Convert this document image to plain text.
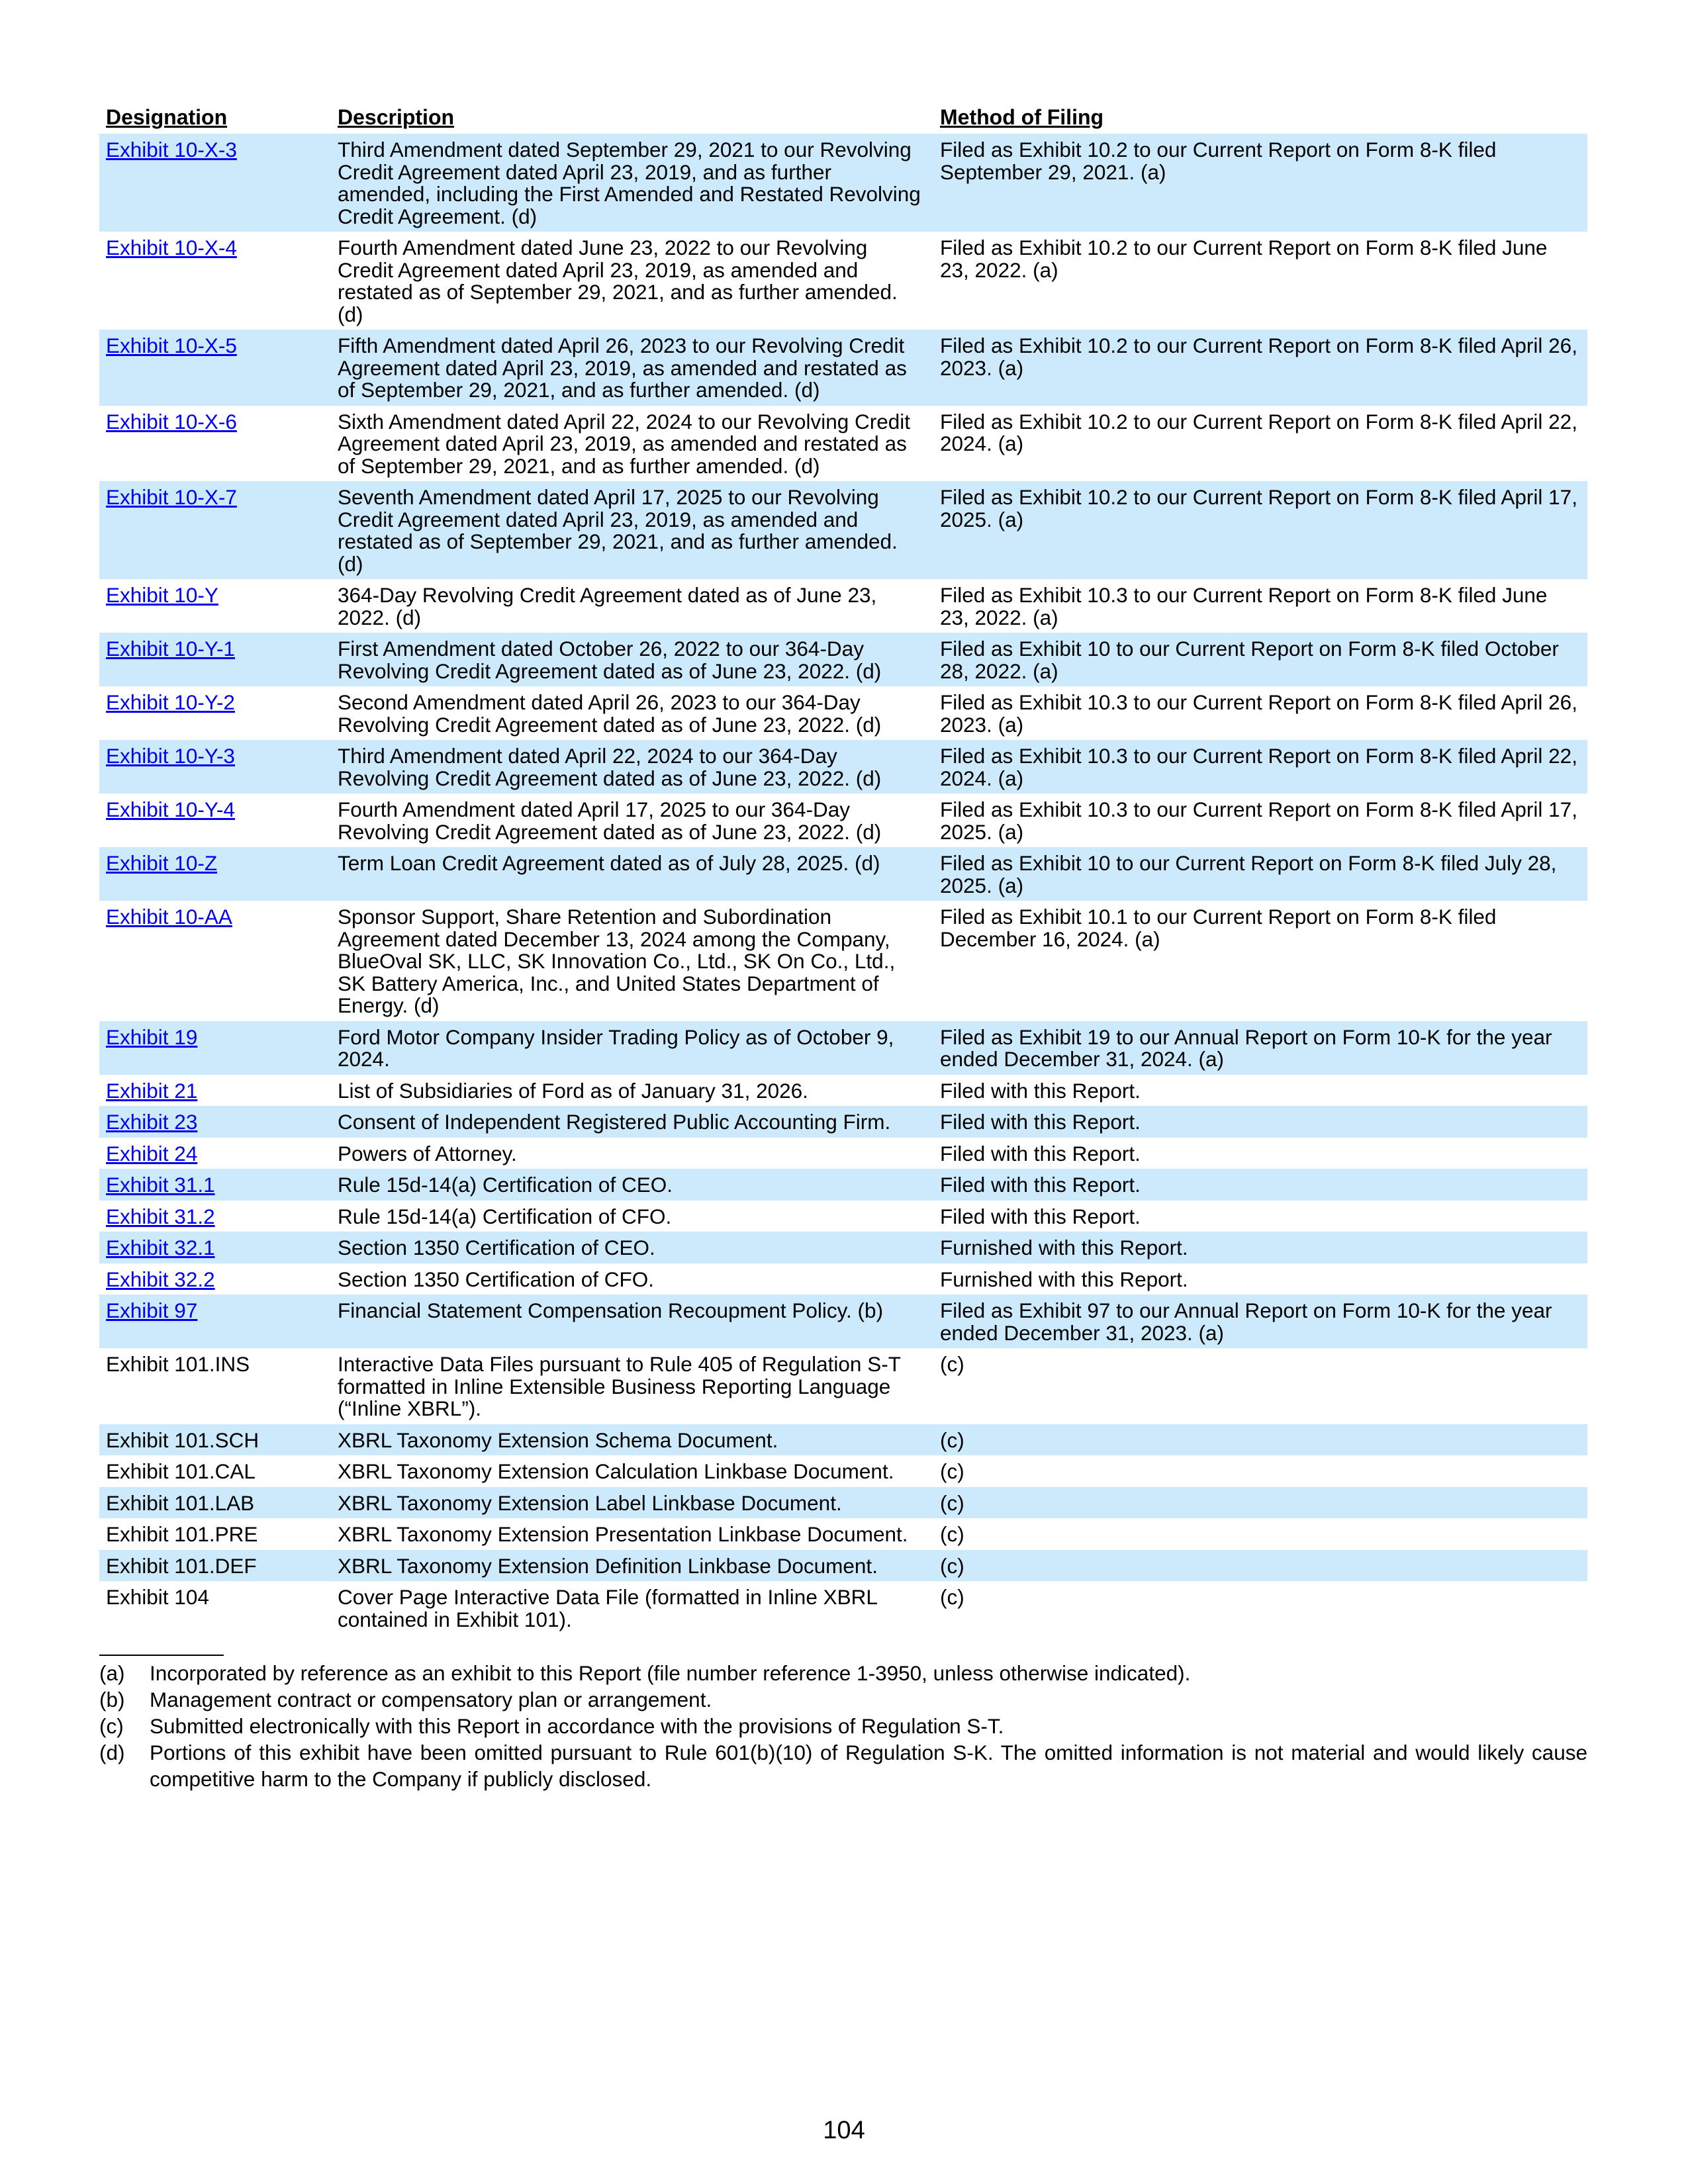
Designation	Description	Method of Filing
Exhibit 10-X-3	Third Amendment dated September 29, 2021 to our Revolving Credit Agreement dated April 23, 2019, and as further amended, including the First Amended and Restated Revolving Credit Agreement. (d)	Filed as Exhibit 10.2 to our Current Report on Form 8-K filed September 29, 2021. (a)
Exhibit 10-X-4	Fourth Amendment dated June 23, 2022 to our Revolving Credit Agreement dated April 23, 2019, as amended and restated as of September 29, 2021, and as further amended. (d)	Filed as Exhibit 10.2 to our Current Report on Form 8-K filed June 23, 2022. (a)
Exhibit 10-X-5	Fifth Amendment dated April 26, 2023 to our Revolving Credit Agreement dated April 23, 2019, as amended and restated as of September 29, 2021, and as further amended. (d)	Filed as Exhibit 10.2 to our Current Report on Form 8-K filed April 26, 2023. (a)
Exhibit 10-X-6	Sixth Amendment dated April 22, 2024 to our Revolving Credit Agreement dated April 23, 2019, as amended and restated as of September 29, 2021, and as further amended. (d)	Filed as Exhibit 10.2 to our Current Report on Form 8-K filed April 22, 2024. (a)
Exhibit 10-X-7	Seventh Amendment dated April 17, 2025 to our Revolving Credit Agreement dated April 23, 2019, as amended and restated as of September 29, 2021, and as further amended. (d)	Filed as Exhibit 10.2 to our Current Report on Form 8-K filed April 17, 2025. (a)
Exhibit 10-Y	364-Day Revolving Credit Agreement dated as of June 23, 2022. (d)	Filed as Exhibit 10.3 to our Current Report on Form 8-K filed June 23, 2022. (a)
Exhibit 10-Y-1	First Amendment dated October 26, 2022 to our 364-Day Revolving Credit Agreement dated as of June 23, 2022. (d)	Filed as Exhibit 10 to our Current Report on Form 8-K filed October 28, 2022. (a)
Exhibit 10-Y-2	Second Amendment dated April 26, 2023 to our 364-Day Revolving Credit Agreement dated as of June 23, 2022. (d)	Filed as Exhibit 10.3 to our Current Report on Form 8-K filed April 26, 2023. (a)
Exhibit 10-Y-3	Third Amendment dated April 22, 2024 to our 364-Day Revolving Credit Agreement dated as of June 23, 2022. (d)	Filed as Exhibit 10.3 to our Current Report on Form 8-K filed April 22, 2024. (a)
Exhibit 10-Y-4	Fourth Amendment dated April 17, 2025 to our 364-Day Revolving Credit Agreement dated as of June 23, 2022. (d)	Filed as Exhibit 10.3 to our Current Report on Form 8-K filed April 17, 2025. (a)
Exhibit 10-Z	Term Loan Credit Agreement dated as of July 28, 2025. (d)	Filed as Exhibit 10 to our Current Report on Form 8-K filed July 28, 2025. (a)
Exhibit 10-AA	Sponsor Support, Share Retention and Subordination Agreement dated December 13, 2024 among the Company, BlueOval SK, LLC, SK Innovation Co., Ltd., SK On Co., Ltd., SK Battery America, Inc., and United States Department of Energy. (d)	Filed as Exhibit 10.1 to our Current Report on Form 8-K filed December 16, 2024. (a)
Exhibit 19	Ford Motor Company Insider Trading Policy as of October 9, 2024.	Filed as Exhibit 19 to our Annual Report on Form 10-K for the year ended December 31, 2024. (a)
Exhibit 21	List of Subsidiaries of Ford as of January 31, 2026.	Filed with this Report.
Exhibit 23	Consent of Independent Registered Public Accounting Firm.	Filed with this Report.
Exhibit 24	Powers of Attorney.	Filed with this Report.
Exhibit 31.1	Rule 15d-14(a) Certification of CEO.	Filed with this Report.
Exhibit 31.2	Rule 15d-14(a) Certification of CFO.	Filed with this Report.
Exhibit 32.1	Section 1350 Certification of CEO.	Furnished with this Report.
Exhibit 32.2	Section 1350 Certification of CFO.	Furnished with this Report.
Exhibit 97	Financial Statement Compensation Recoupment Policy. (b)	Filed as Exhibit 97 to our Annual Report on Form 10-K for the year ended December 31, 2023. (a)
Exhibit 101.INS	Interactive Data Files pursuant to Rule 405 of Regulation S-T formatted in Inline Extensible Business Reporting Language (“Inline XBRL”).	(c)
Exhibit 101.SCH	XBRL Taxonomy Extension Schema Document.	(c)
Exhibit 101.CAL	XBRL Taxonomy Extension Calculation Linkbase Document.	(c)
Exhibit 101.LAB	XBRL Taxonomy Extension Label Linkbase Document.	(c)
Exhibit 101.PRE	XBRL Taxonomy Extension Presentation Linkbase Document.	(c)
Exhibit 101.DEF	XBRL Taxonomy Extension Definition Linkbase Document.	(c)
Exhibit 104	Cover Page Interactive Data File (formatted in Inline XBRL contained in Exhibit 101).	(c)
(a)	Incorporated by reference as an exhibit to this Report (file number reference 1-3950, unless otherwise indicated).
(b)	Management contract or compensatory plan or arrangement.
(c)	Submitted electronically with this Report in accordance with the provisions of Regulation S-T.
(d)	Portions of this exhibit have been omitted pursuant to Rule 601(b)(10) of Regulation S-K. The omitted information is not material and would likely cause competitive harm to the Company if publicly disclosed.
104
